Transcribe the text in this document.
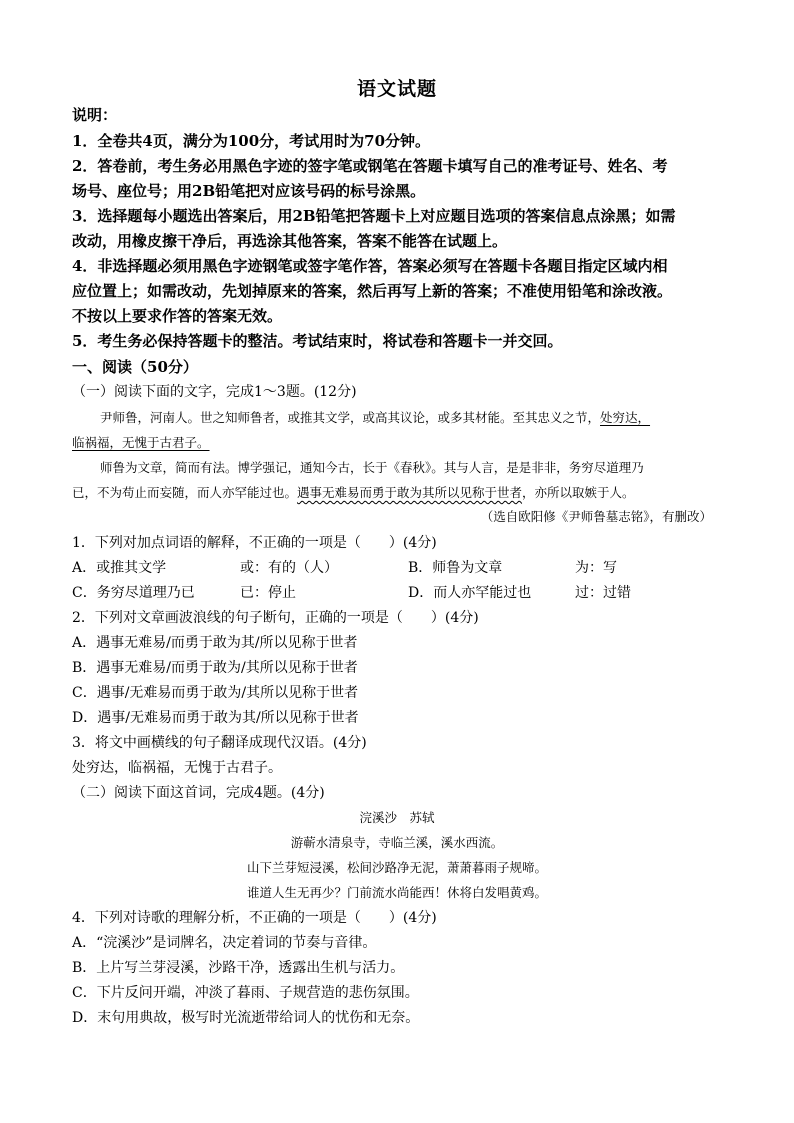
语文试题
说明：
1．全卷共4页，满分为100分，考试用时为70分钟。
2．答卷前，考生务必用黑色字迹的签字笔或钢笔在答题卡填写自己的准考证号、姓名、考
场号、座位号；用2B铅笔把对应该号码的标号涂黑。
3．选择题每小题选出答案后，用2B铅笔把答题卡上对应题目选项的答案信息点涂黑；如需
改动，用橡皮擦干净后，再选涂其他答案，答案不能答在试题上。
4．非选择题必须用黑色字迹钢笔或签字笔作答，答案必须写在答题卡各题目指定区域内相
应位置上；如需改动，先划掉原来的答案，然后再写上新的答案；不准使用铅笔和涂改液。
不按以上要求作答的答案无效。
5．考生务必保持答题卡的整洁。考试结束时，将试卷和答题卡一并交回。
一、阅读（50分）
（一）阅读下面的文字，完成1～3题。(12分)
尹师鲁，河南人。世之知师鲁者，或推其文学，或高其议论，或多其材能。至其忠义之节，处穷达，
临祸福，无愧于古君子。
师鲁为文章，简而有法。博学强记，通知今古，长于《春秋》。其与人言，是是非非，务穷尽道理乃
已，不为苟止而妄随，而人亦罕能过也。遇事无难易而勇于敢为其所以见称于世者，亦所以取嫉于人。
（选自欧阳修《尹师鲁墓志铭》，有删改）
1．下列对加点词语的解释，不正确的一项是（　　）(4分)
A．或推其文学	或：有的（人）	B．师鲁为文章	为：写
C．务穷尽道理乃已	已：停止	D．而人亦罕能过也	过：过错
2．下列对文章画波浪线的句子断句，正确的一项是（　　）(4分)
A．遇事无难易/而勇于敢为其/所以见称于世者
B．遇事无难易/而勇于敢为/其所以见称于世者
C．遇事/无难易而勇于敢为/其所以见称于世者
D．遇事/无难易而勇于敢为其/所以见称于世者
3．将文中画横线的句子翻译成现代汉语。(4分)
处穷达，临祸福，无愧于古君子。
（二）阅读下面这首词，完成4题。(4分)
浣溪沙　苏轼
游蕲水清泉寺，寺临兰溪，溪水西流。
山下兰芽短浸溪，松间沙路净无泥，萧萧暮雨子规啼。
谁道人生无再少？门前流水尚能西！休将白发唱黄鸡。
4．下列对诗歌的理解分析，不正确的一项是（　　）(4分)
A．“浣溪沙”是词牌名，决定着词的节奏与音律。
B．上片写兰芽浸溪，沙路干净，透露出生机与活力。
C．下片反问开端，冲淡了暮雨、子规营造的悲伤氛围。
D．末句用典故，极写时光流逝带给词人的忧伤和无奈。
